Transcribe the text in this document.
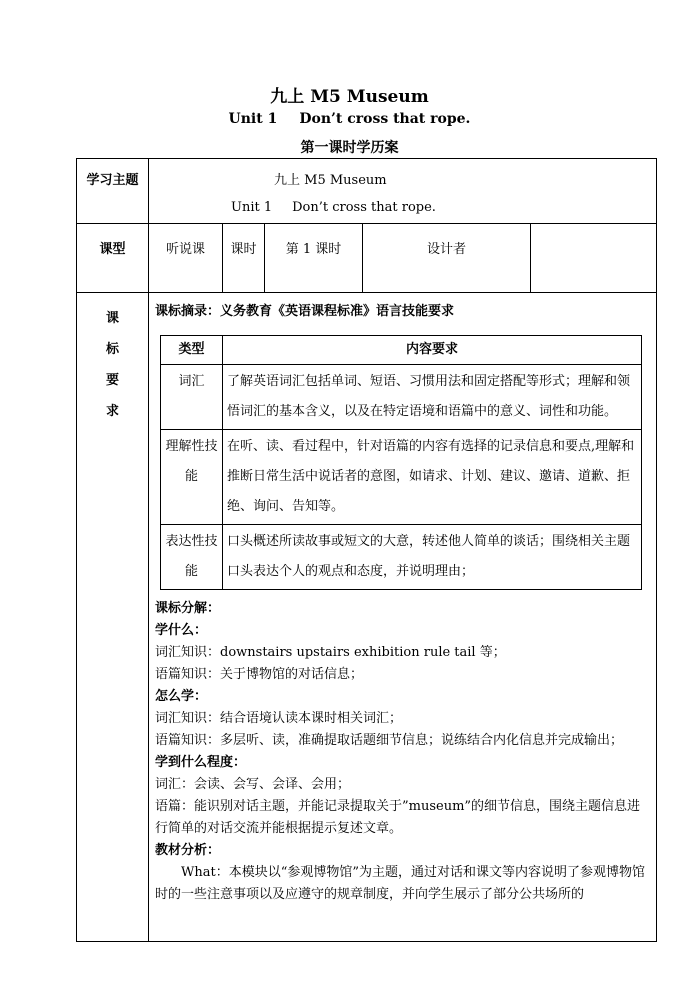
九上 M5 Museum
Unit 1 Don’t cross that rope.
第一课时学历案
学习主题	九上 M5 Museum
Unit 1 Don’t cross that rope.

课型	听说课	课时	第 1 课时	设计者	

课
标
要
求

课标摘录：义务教育《英语课程标准》语言技能要求

类型	内容要求
词汇	了解英语词汇包括单词、短语、习惯用法和固定搭配等形式；理解和领悟词汇的基本含义，以及在特定语境和语篇中的意义、词性和功能。
理解性技能	在听、读、看过程中，针对语篇的内容有选择的记录信息和要点,理解和推断日常生活中说话者的意图，如请求、计划、建议、邀请、道歉、拒绝、询问、告知等。
表达性技能	口头概述所读故事或短文的大意，转述他人简单的谈话；围绕相关主题口头表达个人的观点和态度，并说明理由；

课标分解：

学什么：

词汇知识：downstairs upstairs exhibition rule tail 等；

语篇知识：关于博物馆的对话信息；

怎么学：

词汇知识：结合语境认读本课时相关词汇；

语篇知识：多层听、读，准确提取话题细节信息；说练结合内化信息并完成输出；

学到什么程度：

词汇：会读、会写、会译、会用；

语篇：能识别对话主题，并能记录提取关于”museum”的细节信息，围绕主题信息进行简单的对话交流并能根据提示复述文章。

教材分析：

What：本模块以“参观博物馆”为主题，通过对话和课文等内容说明了参观博物馆时的一些注意事项以及应遵守的规章制度，并向学生展示了部分公共场所的
